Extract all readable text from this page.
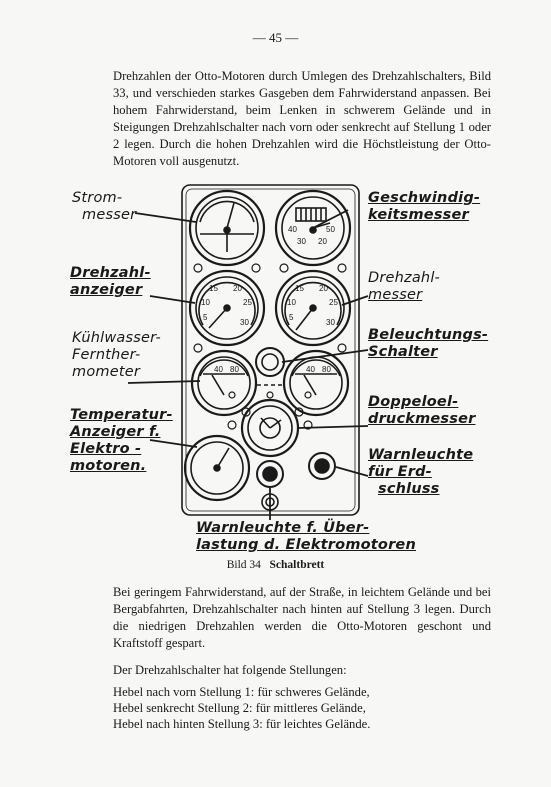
— 45 —

Drehzahlen der Otto-Motoren durch Umlegen des Drehzahlschalters, Bild 33, und verschieden starkes Gasgeben dem Fahrwiderstand anpassen. Bei hohem Fahrwiderstand, beim Lenken in schwerem Gelände und in Steigungen Drehzahlschalter nach vorn oder senkrecht auf Stellung 1 oder 2 legen. Durch die hohen Drehzahlen wird die Höchstleistung der Otto-Motoren voll ausgenutzt.

Strom-
messer
Drehzahl-
anzeiger
Kühlwasser-
Fernther-
mometer
Temperatur-
Anzeiger f.
Elektro -
motoren.
Geschwindig-
keitsmesser
Drehzahl-
messer
Beleuchtungs-
Schalter
Doppeloel-
druckmesser
Warnleuchte
für Erd-
schluss
Warnleuchte f. Über-
lastung d. Elektromotoren
15 20
10	25
5
30
15 20
10	25
5
30
40	50
30 20
40 80	40 80
Bild 34 Schaltbrett

Bei geringem Fahrwiderstand, auf der Straße, in leichtem Gelände und bei Bergabfahrten, Drehzahlschalter nach hinten auf Stellung 3 legen. Durch die niedrigen Drehzahlen werden die Otto-Motoren geschont und Kraftstoff gespart.

Der Drehzahlschalter hat folgende Stellungen:
Hebel nach vorn Stellung 1: für schweres Gelände,
Hebel senkrecht Stellung 2: für mittleres Gelände,
Hebel nach hinten Stellung 3: für leichtes Gelände.
